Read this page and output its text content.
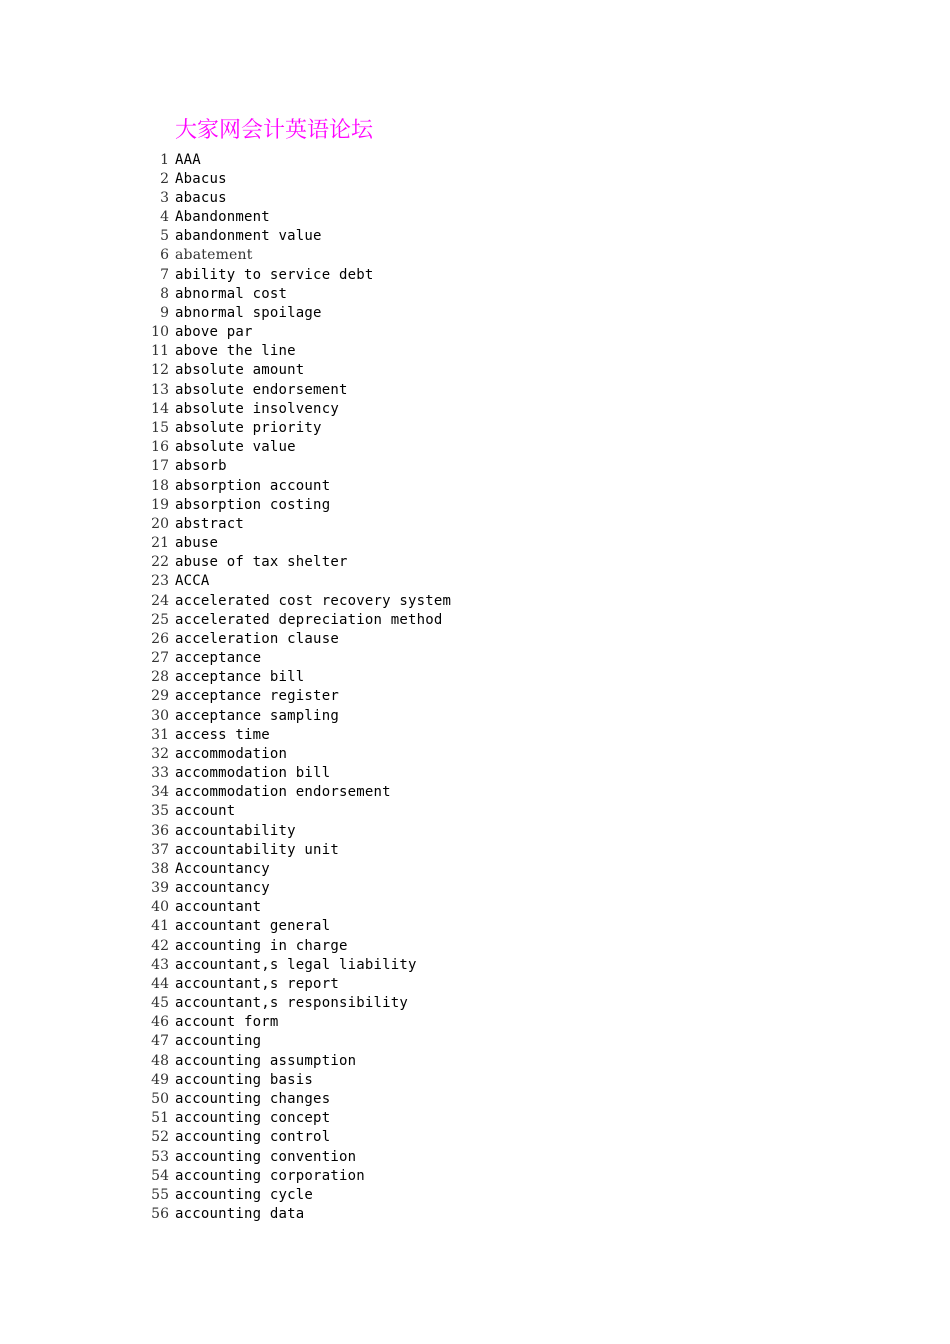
大家网会计英语论坛
1 AAA
2 Abacus
3 abacus
4 Abandonment
5 abandonment value
6 abatement
7 ability to service debt
8 abnormal cost
9 abnormal spoilage
10 above par
11 above the line
12 absolute amount
13 absolute endorsement
14 absolute insolvency
15 absolute priority
16 absolute value
17 absorb
18 absorption account
19 absorption costing
20 abstract
21 abuse
22 abuse of tax shelter
23 ACCA
24 accelerated cost recovery system
25 accelerated depreciation method
26 acceleration clause
27 acceptance
28 acceptance bill
29 acceptance register
30 acceptance sampling
31 access time
32 accommodation
33 accommodation bill
34 accommodation endorsement
35 account
36 accountability
37 accountability unit
38 Accountancy
39 accountancy
40 accountant
41 accountant general
42 accounting in charge
43 accountant,s legal liability
44 accountant,s report
45 accountant,s responsibility
46 account form
47 accounting
48 accounting assumption
49 accounting basis
50 accounting changes
51 accounting concept
52 accounting control
53 accounting convention
54 accounting corporation
55 accounting cycle
56 accounting data
